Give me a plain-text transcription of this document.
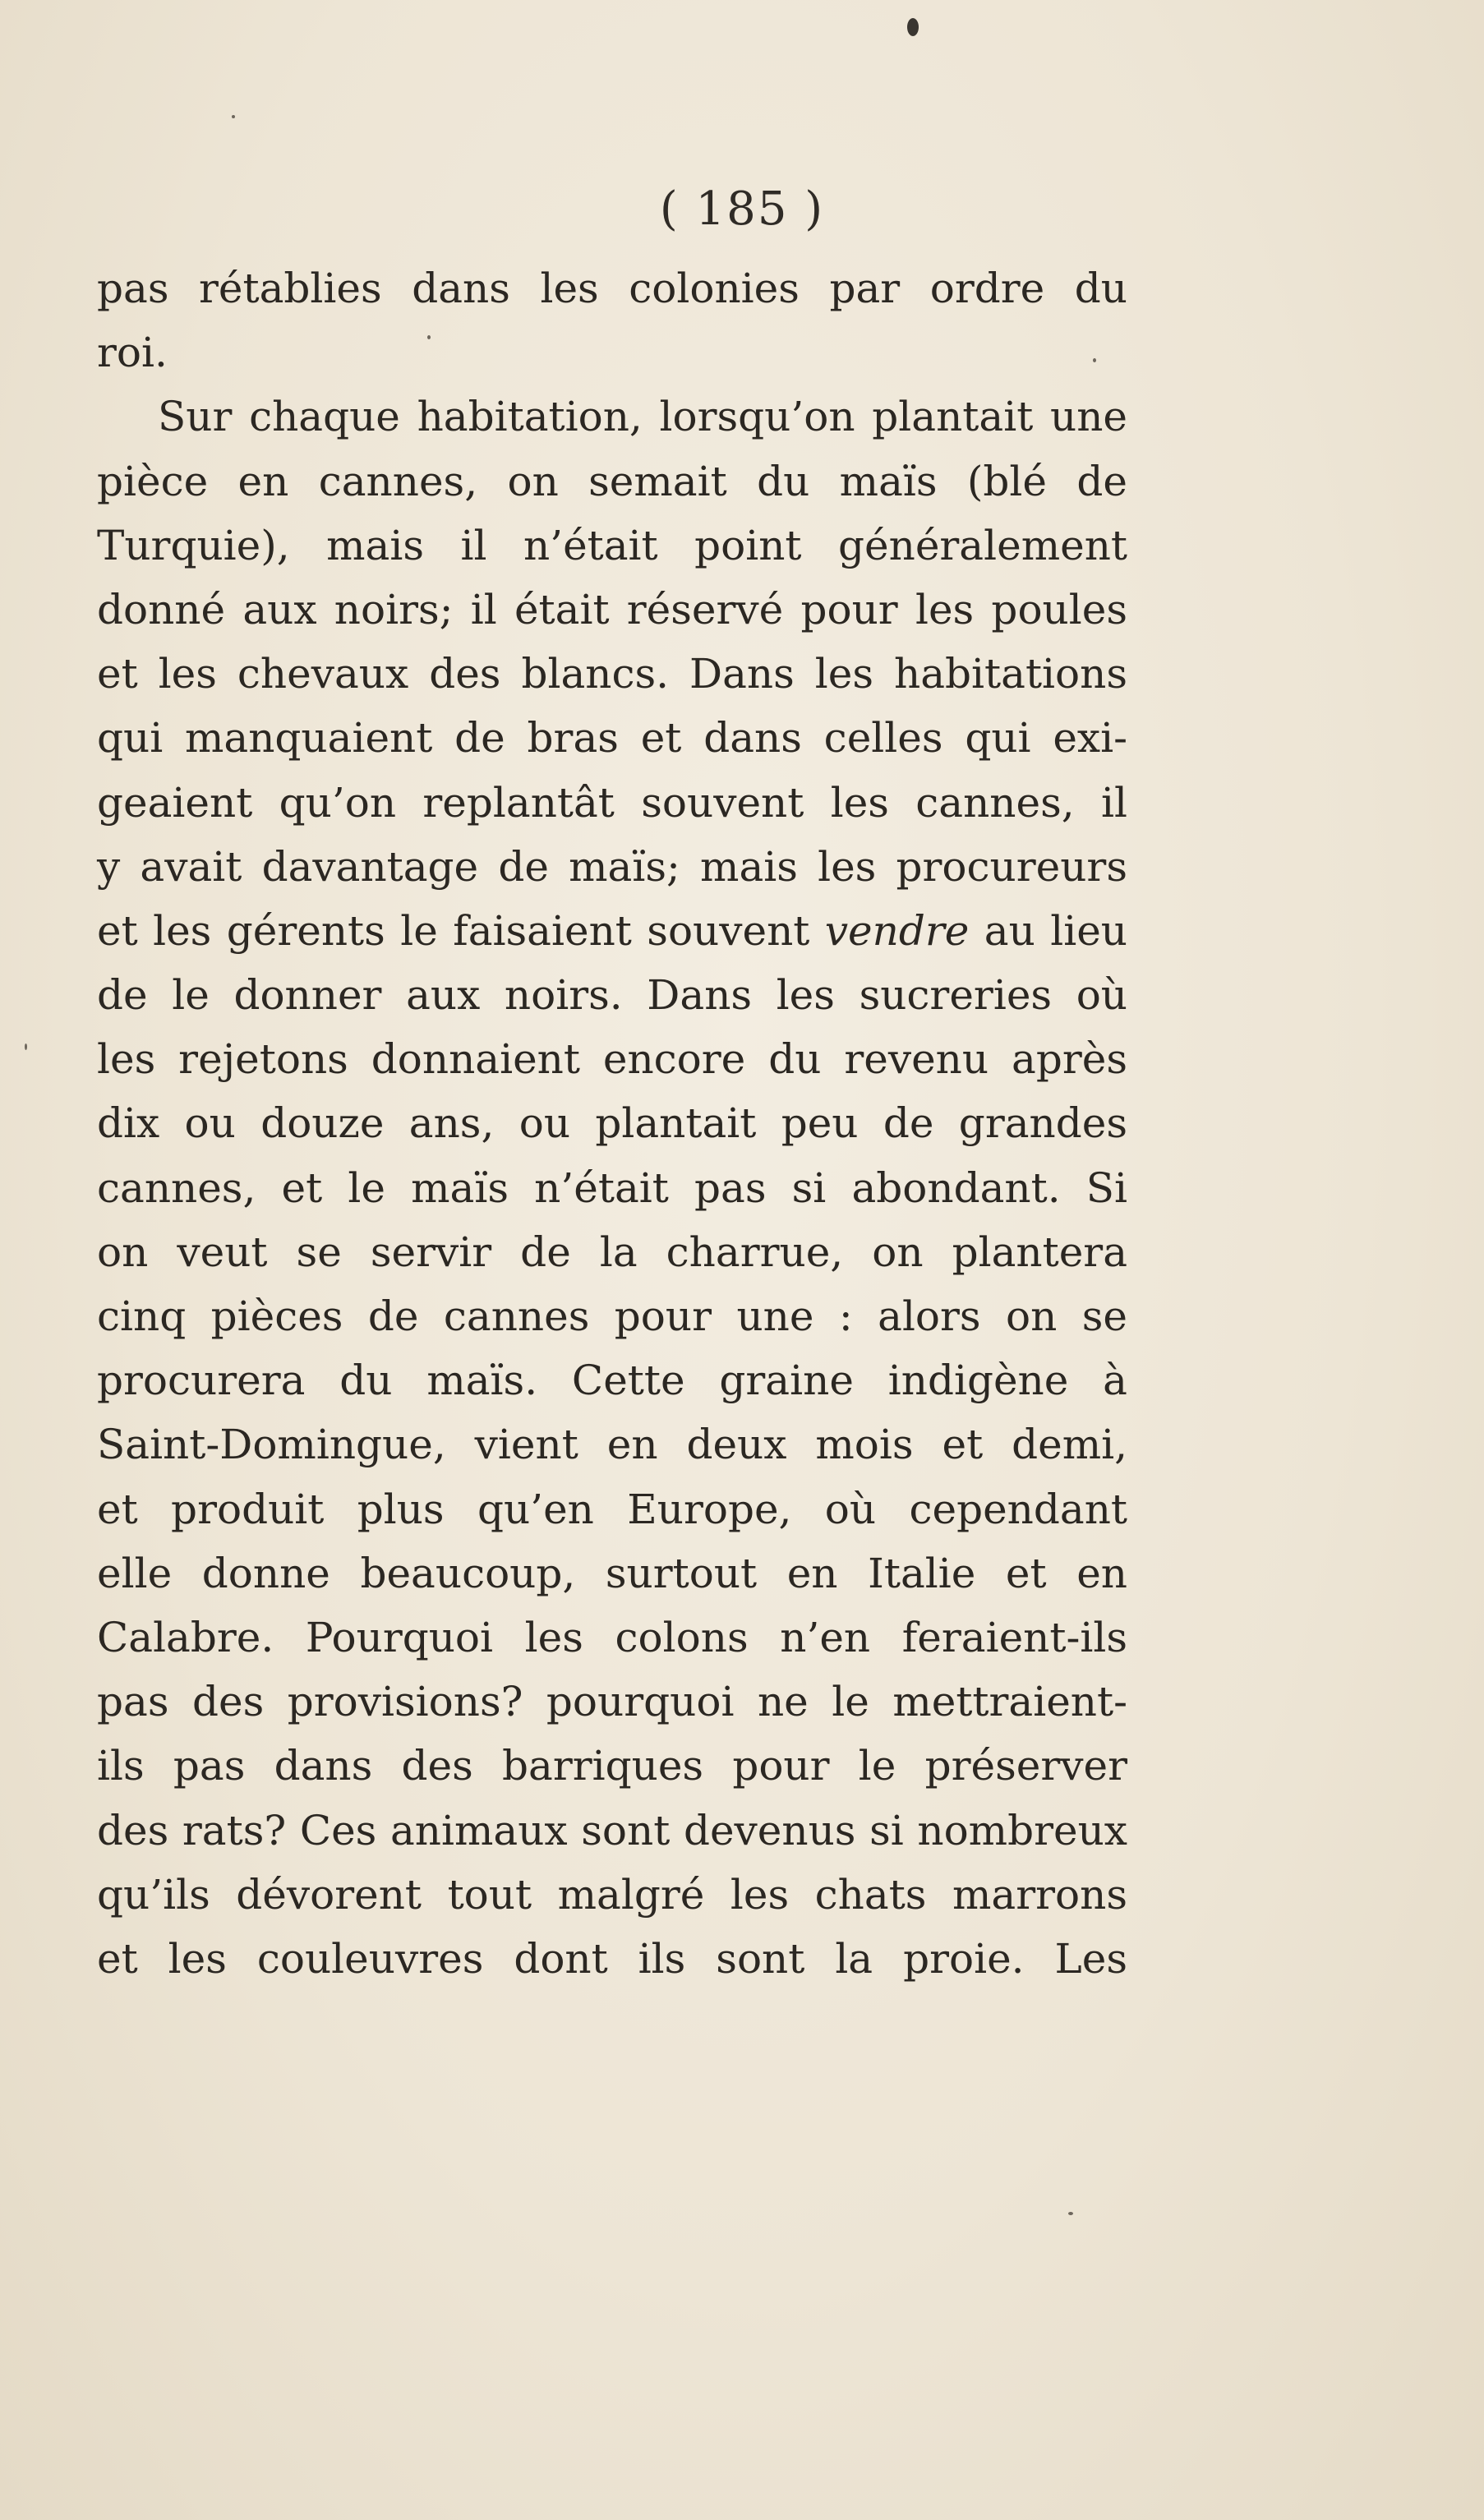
( 185 )
pas rétablies dans les colonies par ordre du
roi.
Sur chaque habitation, lorsqu’on plantait une
pièce en cannes, on semait du maïs (blé de
Turquie), mais il n’était point généralement
donné aux noirs; il était réservé pour les poules
et les chevaux des blancs. Dans les habitations
qui manquaient de bras et dans celles qui exi-
geaient qu’on replantât souvent les cannes, il
y avait davantage de maïs; mais les procureurs
et les gérents le faisaient souvent vendre au lieu
de le donner aux noirs. Dans les sucreries où
les rejetons donnaient encore du revenu après
dix ou douze ans, ou plantait peu de grandes
cannes, et le maïs n’était pas si abondant. Si
on veut se servir de la charrue, on plantera
cinq pièces de cannes pour une : alors on se
procurera du maïs. Cette graine indigène à
Saint-Domingue, vient en deux mois et demi,
et produit plus qu’en Europe, où cependant
elle donne beaucoup, surtout en Italie et en
Calabre. Pourquoi les colons n’en feraient-ils
pas des provisions? pourquoi ne le mettraient-
ils pas dans des barriques pour le préserver
des rats? Ces animaux sont devenus si nombreux
qu’ils dévorent tout malgré les chats marrons
et les couleuvres dont ils sont la proie. Les
